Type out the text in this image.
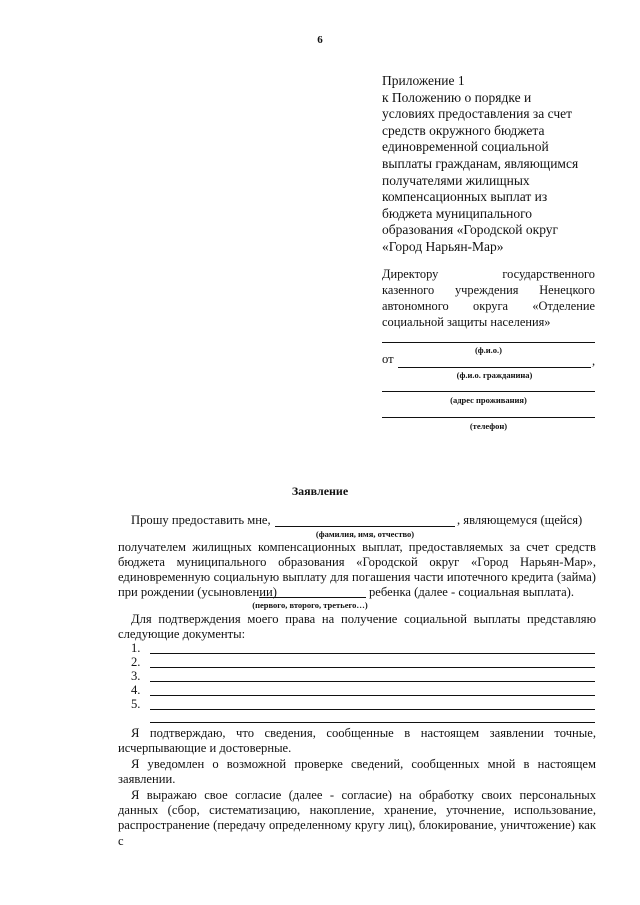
6
Приложение 1
к Положению о порядке и
условиях предоставления за счет
средств окружного бюджета
единовременной социальной
выплаты гражданам, являющимся
получателями жилищных
компенсационных выплат из
бюджета муниципального
образования «Городской округ
«Город Нарьян-Мар»
Директору государственного
казенного учреждения Ненецкого
автономного округа «Отделение
социальной защиты населения»
(ф.и.о.)
от	,
(ф.и.о. гражданина)
(адрес проживания)
(телефон)
Заявление
Прошу предоставить мне,	, являющемуся (щейся)
(фамилия, имя, отчество)
получателем жилищных компенсационных выплат, предоставляемых за счет средств
бюджета муниципального образования «Городской округ «Город Нарьян-Мар»,
единовременную социальную выплату для погашения части ипотечного кредита (займа)
при рождении (усыновлении)	ребенка (далее - социальная выплата).
(первого, второго, третьего…)
Для подтверждения моего права на получение социальной выплаты представляю
следующие документы:
1.
2.
3.
4.
5.
Я подтверждаю, что сведения, сообщенные в настоящем заявлении точные,
исчерпывающие и достоверные.
Я уведомлен о возможной проверке сведений, сообщенных мной в настоящем
заявлении.
Я выражаю свое согласие (далее - согласие) на обработку своих персональных
данных (сбор, систематизацию, накопление, хранение, уточнение, использование,
распространение (передачу определенному кругу лиц), блокирование, уничтожение) как с
